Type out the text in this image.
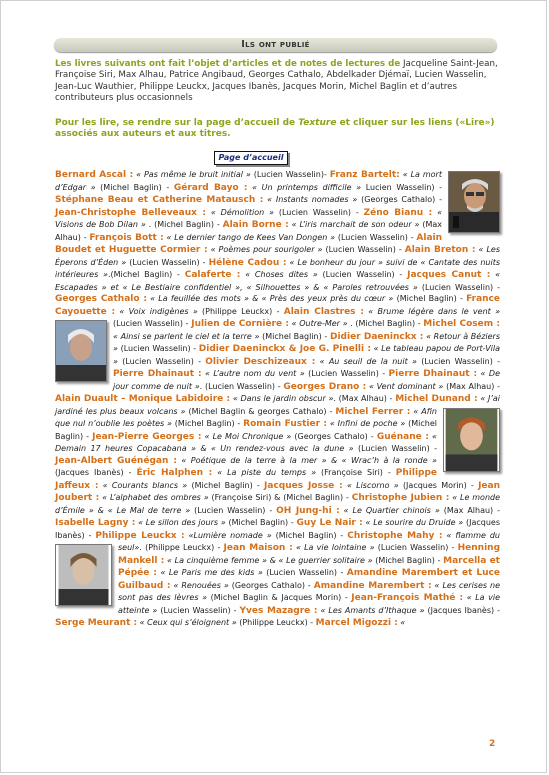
Ils ont publié
Les livres suivants ont fait l’objet d’articles et de notes de lectures de Jacqueline Saint-Jean, Françoise Siri, Max Alhau, Patrice Angibaud, Georges Cathalo, Abdelkader Djémaï, Lucien Wasselin, Jean-Luc Wauthier, Philippe Leuckx, Jacques Ibanès, Jacques Morin, Michel Baglin et d’autres contributeurs plus occasionnels
Pour les lire, se rendre sur la page d’accueil de Texture et cliquer sur les liens («Lire») associés aux auteurs et aux titres.
Page d’accueil
Bernard Ascal : « Pas même le bruit initial » (Lucien Wasselin)- Franz Bartelt: « La mort d’Edgar » (Michel Baglin) - Gérard Bayo : « Un printemps difficile » Lucien Wasselin) - Stéphane Beau et Catherine Matausch : « Instants nomades » (Georges Cathalo) - Jean-Christophe Belleveaux : « Démolition » (Lucien Wasselin) - Zéno Bianu : « Visions de Bob Dilan » . (Michel Baglin) - Alain Borne : « L’iris marchait de son odeur » (Max Alhau) - François Bott : « Le dernier tango de Kees Van Dongen » (Lucien Wasselin) - Alain Boudet et Huguette Cormier : « Poèmes pour sourigoler » (Lucien Wasselin) - Alain Breton : « Les Éperons d’Éden » (Lucien Wasselin) - Hélène Cadou : « Le bonheur du jour » suivi de « Cantate des nuits intérieures ».(Michel Baglin) - Calaferte : « Choses dites » (Lucien Wasselin) - Jacques Canut : « Escapades » et « Le Bestiaire confidentiel », « Silhouettes » & « Paroles retrouvées » (Lucien Wasselin) - Georges Cathalo : « La feuillée des mots » & « Près des yeux près du cœur » (Michel Baglin) - France Cayouette : « Voix indigènes » (Philippe Leuckx) - Alain Clastres : « Brume légère dans le vent » (Lucien Wasselin) - Julien de Cornière : « Outre-Mer » . (Michel Baglin) -
Michel Cosem : « Ainsi se parlent le ciel et la terre » (Michel Baglin) - Didier Daeninckx : « Retour à Béziers » (Lucien Wasselin) - Didier Daeninckx & Joe G. Pinelli : « Le tableau papou de Port-Vila » (Lucien Wasselin) - Olivier Deschizeaux : « Au seuil de la nuit » (Lucien Wasselin) - Pierre Dhainaut : « L’autre nom du vent » (Lucien Wasselin) - Pierre Dhainaut : « De jour comme de nuit ». (Lucien Wasselin) - Georges Drano : « Vent dominant » (Max Alhau) - Alain Duault – Monique Labidoire : « Dans le jardin obscur ». (Max Alhau) - Michel Dunand : « J’ai jardiné les plus beaux volcans » (Michel Baglin & georges Cathalo) -
Michel Ferrer : « Afin que nul n’oublie les poètes » (Michel Baglin) - Romain Fustier : « Infini de poche » (Michel Baglin) - Jean-Pierre Georges : « Le Moi Chronique » (Georges Cathalo) - Guénane : « Demain 17 heures Copacabana » & « Un rendez-vous avec la dune » (Lucien Wasselin) - Jean-Albert Guénégan : « Poétique de la terre à la mer » & « Wrac’h à la ronde » (Jacques Ibanès) - Éric Halphen : « La piste du temps » (Françoise Siri) - Philippe Jaffeux : « Courants blancs » (Michel Baglin) - Jacques Josse : « Liscorno » (Jacques Morin) - Jean Joubert : « L’alphabet des ombres » (Françoise Siri) & (Michel Baglin) - Christophe Jubien : « Le monde d’Émile » & « Le Mal de terre » (Lucien Wasselin) - OH Jung-hi : « Le Quartier chinois » (Max Alhau) - Isabelle Lagny : « Le sillon des jours » (Michel Baglin) - Guy Le Nair : « Le sourire du Druide » (Jacques Ibanès) - Philippe Leuckx : «Lumière nomade » (Michel Baglin) - Christophe Mahy : « flamme du seul». (Philippe Leuckx) -
Jean Maison : « La vie lointaine » (Lucien Wasselin) - Henning Mankell : « La cinquième femme » & « Le guerrier solitaire » (Michel Baglin) - Marcella et Pépée : « Le Paris me des kids » (Lucien Wasselin) - Amandine Marembert et Luce Guilbaud : « Renouées » (Georges Cathalo) - Amandine Marembert : « Les cerises ne sont pas des lèvres » (Michel Baglin & Jacques Morin) - Jean-François Mathé : « La vie atteinte » (Lucien Wasselin) - Yves Mazagre : « Les Amants d’Ithaque » (Jacques Ibanès) - Serge Meurant : « Ceux qui s’éloignent » (Philippe Leuckx) - Marcel Migozzi : «
2
